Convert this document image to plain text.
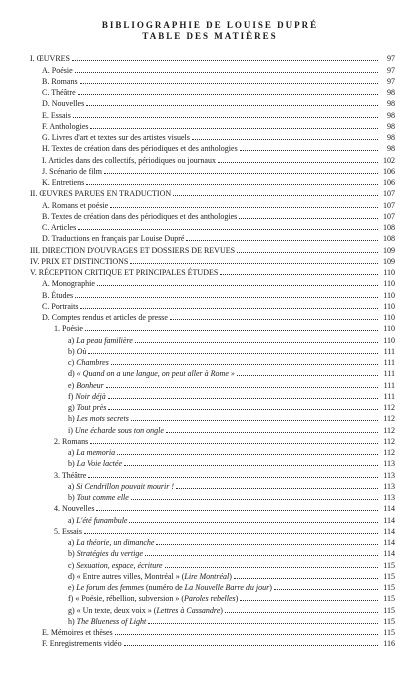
BIBLIOGRAPHIE DE LOUISE DUPRÉ
TABLE DES MATIÈRES
I. ŒUVRES	97
A. Poésie	97
B. Romans	97
C. Théâtre	98
D. Nouvelles	98
E. Essais	98
F. Anthologies	98
G. Livres d'art et textes sur des artistes visuels	98
H. Textes de création dans des périodiques et des anthologies	98
I. Articles dans des collectifs, périodiques ou journaux	102
J. Scénario de film	106
K. Entretiens	106
II. ŒUVRES PARUES EN TRADUCTION	107
A. Romans et poésie	107
B. Textes de création dans des périodiques et des anthologies	107
C. Articles	108
D. Traductions en français par Louise Dupré	108
III. DIRECTION D'OUVRAGES ET DOSSIERS DE REVUES	109
IV. PRIX ET DISTINCTIONS	109
V. RÉCEPTION CRITIQUE ET PRINCIPALES ÉTUDES	110
A. Monographie	110
B. Études	110
C. Portraits	110
D. Comptes rendus et articles de presse	110
1. Poésie	110
a) La peau familière	110
b) Où	111
c) Chambres	111
d) « Quand on a une langue, on peut aller à Rome »	111
e) Bonheur	111
f) Noir déjà	111
g) Tout près	112
h) Les mots secrets	112
i) Une écharde sous ton ongle	112
2. Romans	112
a) La memoria	112
b) La Voie lactée	113
3. Théâtre	113
a) Si Cendrillon pouvait mourir !	113
b) Tout comme elle	113
4. Nouvelles	114
a) L'été funambule	114
5. Essais	114
a) La théorie, un dimanche	114
b) Stratégies du vertige	114
c) Sexuation, espace, écriture	115
d) « Entre autres villes, Montréal » (Lire Montréal)	115
e) Le forum des femmes (numéro de La Nouvelle Barre du jour)	115
f) « Poésie, rébellion, subversion » (Paroles rebelles)	115
g) « Un texte, deux voix » (Lettres à Cassandre)	115
h) The Blueness of Light	115
E. Mémoires et thèses	115
F. Enregistrements vidéo	116
